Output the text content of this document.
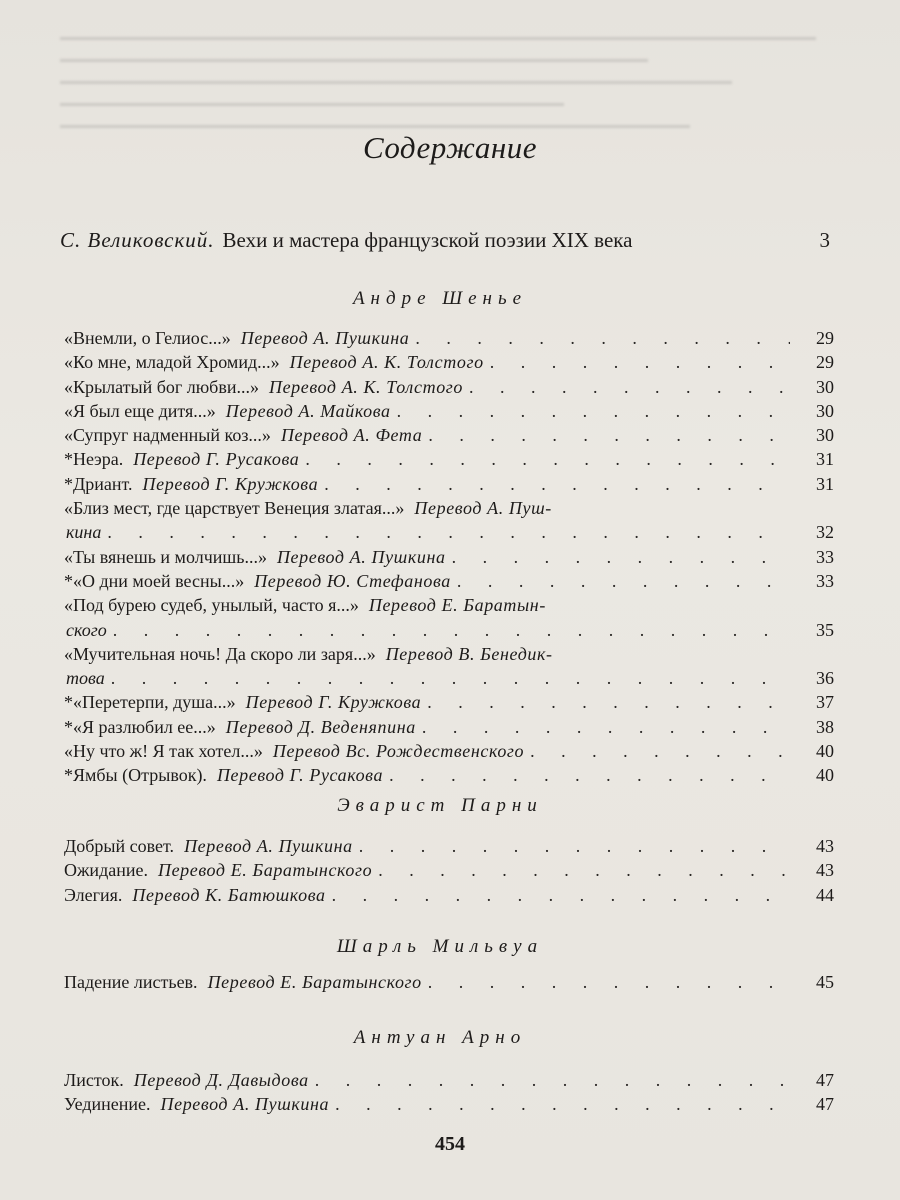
Содержание
С. Великовский. Вехи и мастера французской поэзии XIX века	3
Андре Шенье
«Внемли, о Гелиос...» Перевод А. Пушкина . . .	29
«Ко мне, младой Хромид...» Перевод А. К. Толстого . . .	29
«Крылатый бог любви...» Перевод А. К. Толстого . . .	30
«Я был еще дитя...» Перевод А. Майкова . . .	30
«Супруг надменный коз...» Перевод А. Фета . . .	30
*Неэра. Перевод Г. Русакова . . .	31
*Дриант. Перевод Г. Кружкова . . .	31
«Близ мест, где царствует Венеция златая...» Перевод А. Пуш-
кина . . .	32
«Ты вянешь и молчишь...» Перевод А. Пушкина . . .	33
*«О дни моей весны...» Перевод Ю. Стефанова . . .	33
«Под бурею судеб, унылый, часто я...» Перевод Е. Баратын-
ского . . .	35
«Мучительная ночь! Да скоро ли заря...» Перевод В. Бенедик-
това . . .	36
*«Перетерпи, душа...» Перевод Г. Кружкова . . .	37
*«Я разлюбил ее...» Перевод Д. Веденяпина . . .	38
«Ну что ж! Я так хотел...» Перевод Вс. Рождественского . . .	40
*Ямбы (Отрывок). Перевод Г. Русакова . . .	40
Эварист Парни
Добрый совет. Перевод А. Пушкина . . .	43
Ожидание. Перевод Е. Баратынского . . .	43
Элегия. Перевод К. Батюшкова . . .	44
Шарль Мильвуа
Падение листьев. Перевод Е. Баратынского . . .	45
Антуан Арно
Листок. Перевод Д. Давыдова . . .	47
Уединение. Перевод А. Пушкина . . .	47
454
